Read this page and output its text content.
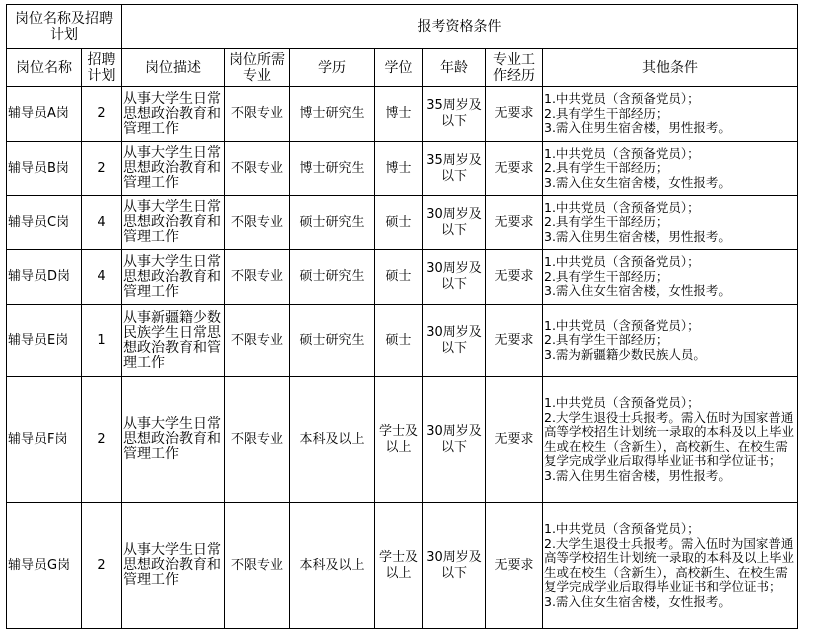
岗位名称及招聘计划		报考资格条件						
岗位名称	招聘计划	岗位描述	岗位所需专业	学历	学位	年龄	专业工作经历	其他条件
辅导员A岗	2	从事大学生日常思想政治教育和管理工作	不限专业	博士研究生	博士	35周岁及以下	无要求	1.中共党员（含预备党员）；
2.具有学生干部经历；
3.需入住男生宿舍楼，男性报考。

辅导员B岗	2	从事大学生日常思想政治教育和管理工作	不限专业	博士研究生	博士	35周岁及以下	无要求	1.中共党员（含预备党员）；
2.具有学生干部经历；
3.需入住女生宿舍楼，女性报考。

辅导员C岗	4	从事大学生日常思想政治教育和管理工作	不限专业	硕士研究生	硕士	30周岁及以下	无要求	1.中共党员（含预备党员）；
2.具有学生干部经历；
3.需入住男生宿舍楼，男性报考。

辅导员D岗	4	从事大学生日常思想政治教育和管理工作	不限专业	硕士研究生	硕士	30周岁及以下	无要求	1.中共党员（含预备党员）；
2.具有学生干部经历；
3.需入住女生宿舍楼，女性报考。

辅导员E岗	1	从事新疆籍少数民族学生日常思想政治教育和管理工作	不限专业	硕士研究生	硕士	30周岁及以下	无要求	1.中共党员（含预备党员）；
2.具有学生干部经历；
3.需为新疆籍少数民族人员。

辅导员F岗	2	从事大学生日常思想政治教育和管理工作	不限专业	本科及以上	学士及以上	30周岁及以下	无要求	1.中共党员（含预备党员）；
2.大学生退役士兵报考。需入伍时为国家普通高等学校招生计划统一录取的本科及以上毕业生或在校生（含新生），高校新生、在校生需复学完成学业后取得毕业证书和学位证书；
3.需入住男生宿舍楼，男性报考。

辅导员G岗	2	从事大学生日常思想政治教育和管理工作	不限专业	本科及以上	学士及以上	30周岁及以下	无要求	1.中共党员（含预备党员）；
2.大学生退役士兵报考。需入伍时为国家普通高等学校招生计划统一录取的本科及以上毕业生或在校生（含新生），高校新生、在校生需复学完成学业后取得毕业证书和学位证书；
3.需入住女生宿舍楼，女性报考。
